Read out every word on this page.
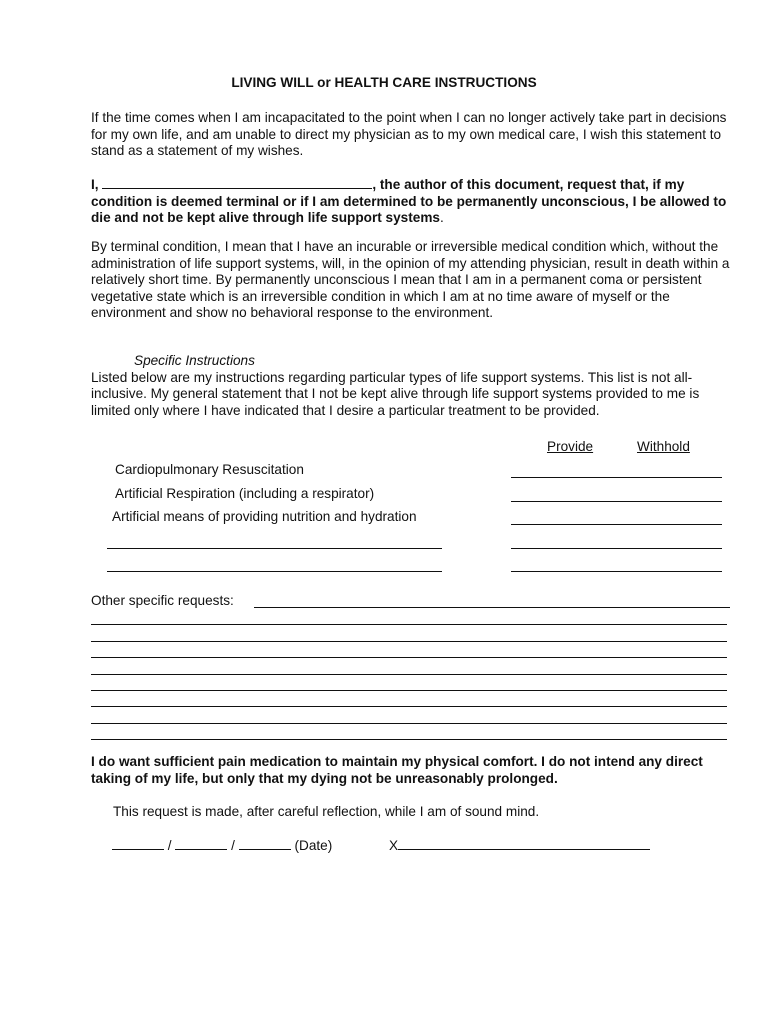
LIVING WILL or HEALTH CARE INSTRUCTIONS
If the time comes when I am incapacitated to the point when I can no longer actively take part in decisions for my own life, and am unable to direct my physician as to my own medical care, I wish this statement to stand as a statement of my wishes.
I,	, the author of this document, request that, if my condition is deemed terminal or if I am determined to be permanently unconscious, I be allowed to die and not be kept alive through life support systems.
By terminal condition, I mean that I have an incurable or irreversible medical condition which, without the administration of life support systems, will, in the opinion of my attending physician, result in death within a relatively short time. By permanently unconscious I mean that I am in a permanent coma or persistent vegetative state which is an irreversible condition in which I am at no time aware of myself or the environment and show no behavioral response to the environment.
Specific Instructions
Listed below are my instructions regarding particular types of life support systems. This list is not all-inclusive. My general statement that I not be kept alive through life support systems provided to me is limited only where I have indicated that I desire a particular treatment to be provided.
Provide	Withhold
Cardiopulmonary Resuscitation
Artificial Respiration (including a respirator)
Artificial means of providing nutrition and hydration
Other specific requests:
I do want sufficient pain medication to maintain my physical comfort. I do not intend any direct taking of my life, but only that my dying not be unreasonably prolonged.
This request is made, after careful reflection, while I am of sound mind.
/	/	(Date)	X
